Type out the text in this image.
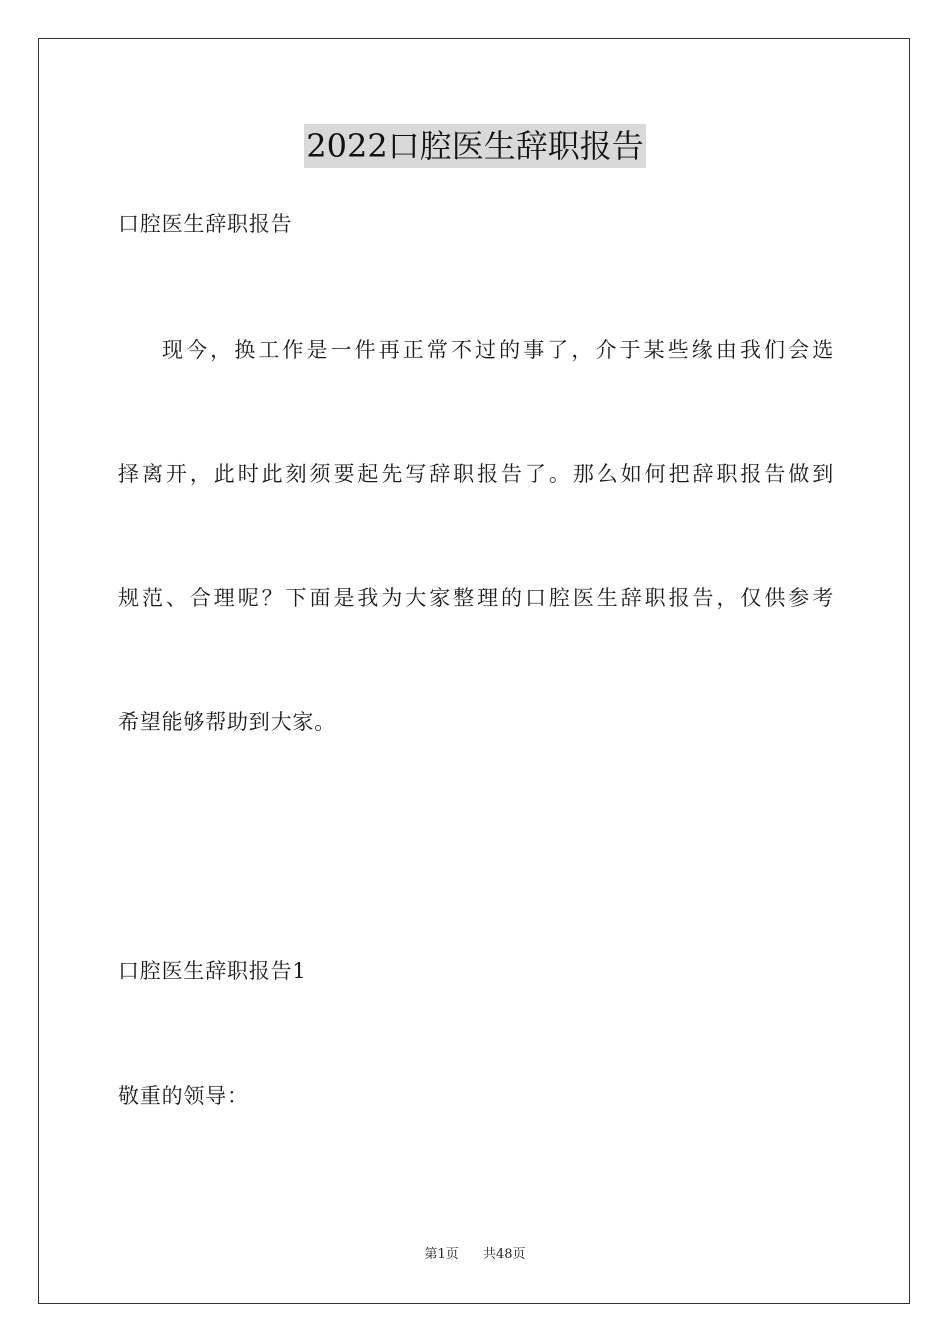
2022口腔医生辞职报告
口腔医生辞职报告
现今，换工作是一件再正常不过的事了，介于某些缘由我们会选
择离开，此时此刻须要起先写辞职报告了。那么如何把辞职报告做到
规范、合理呢？下面是我为大家整理的口腔医生辞职报告，仅供参考
希望能够帮助到大家。
口腔医生辞职报告1
敬重的领导：
第1页 共48页
